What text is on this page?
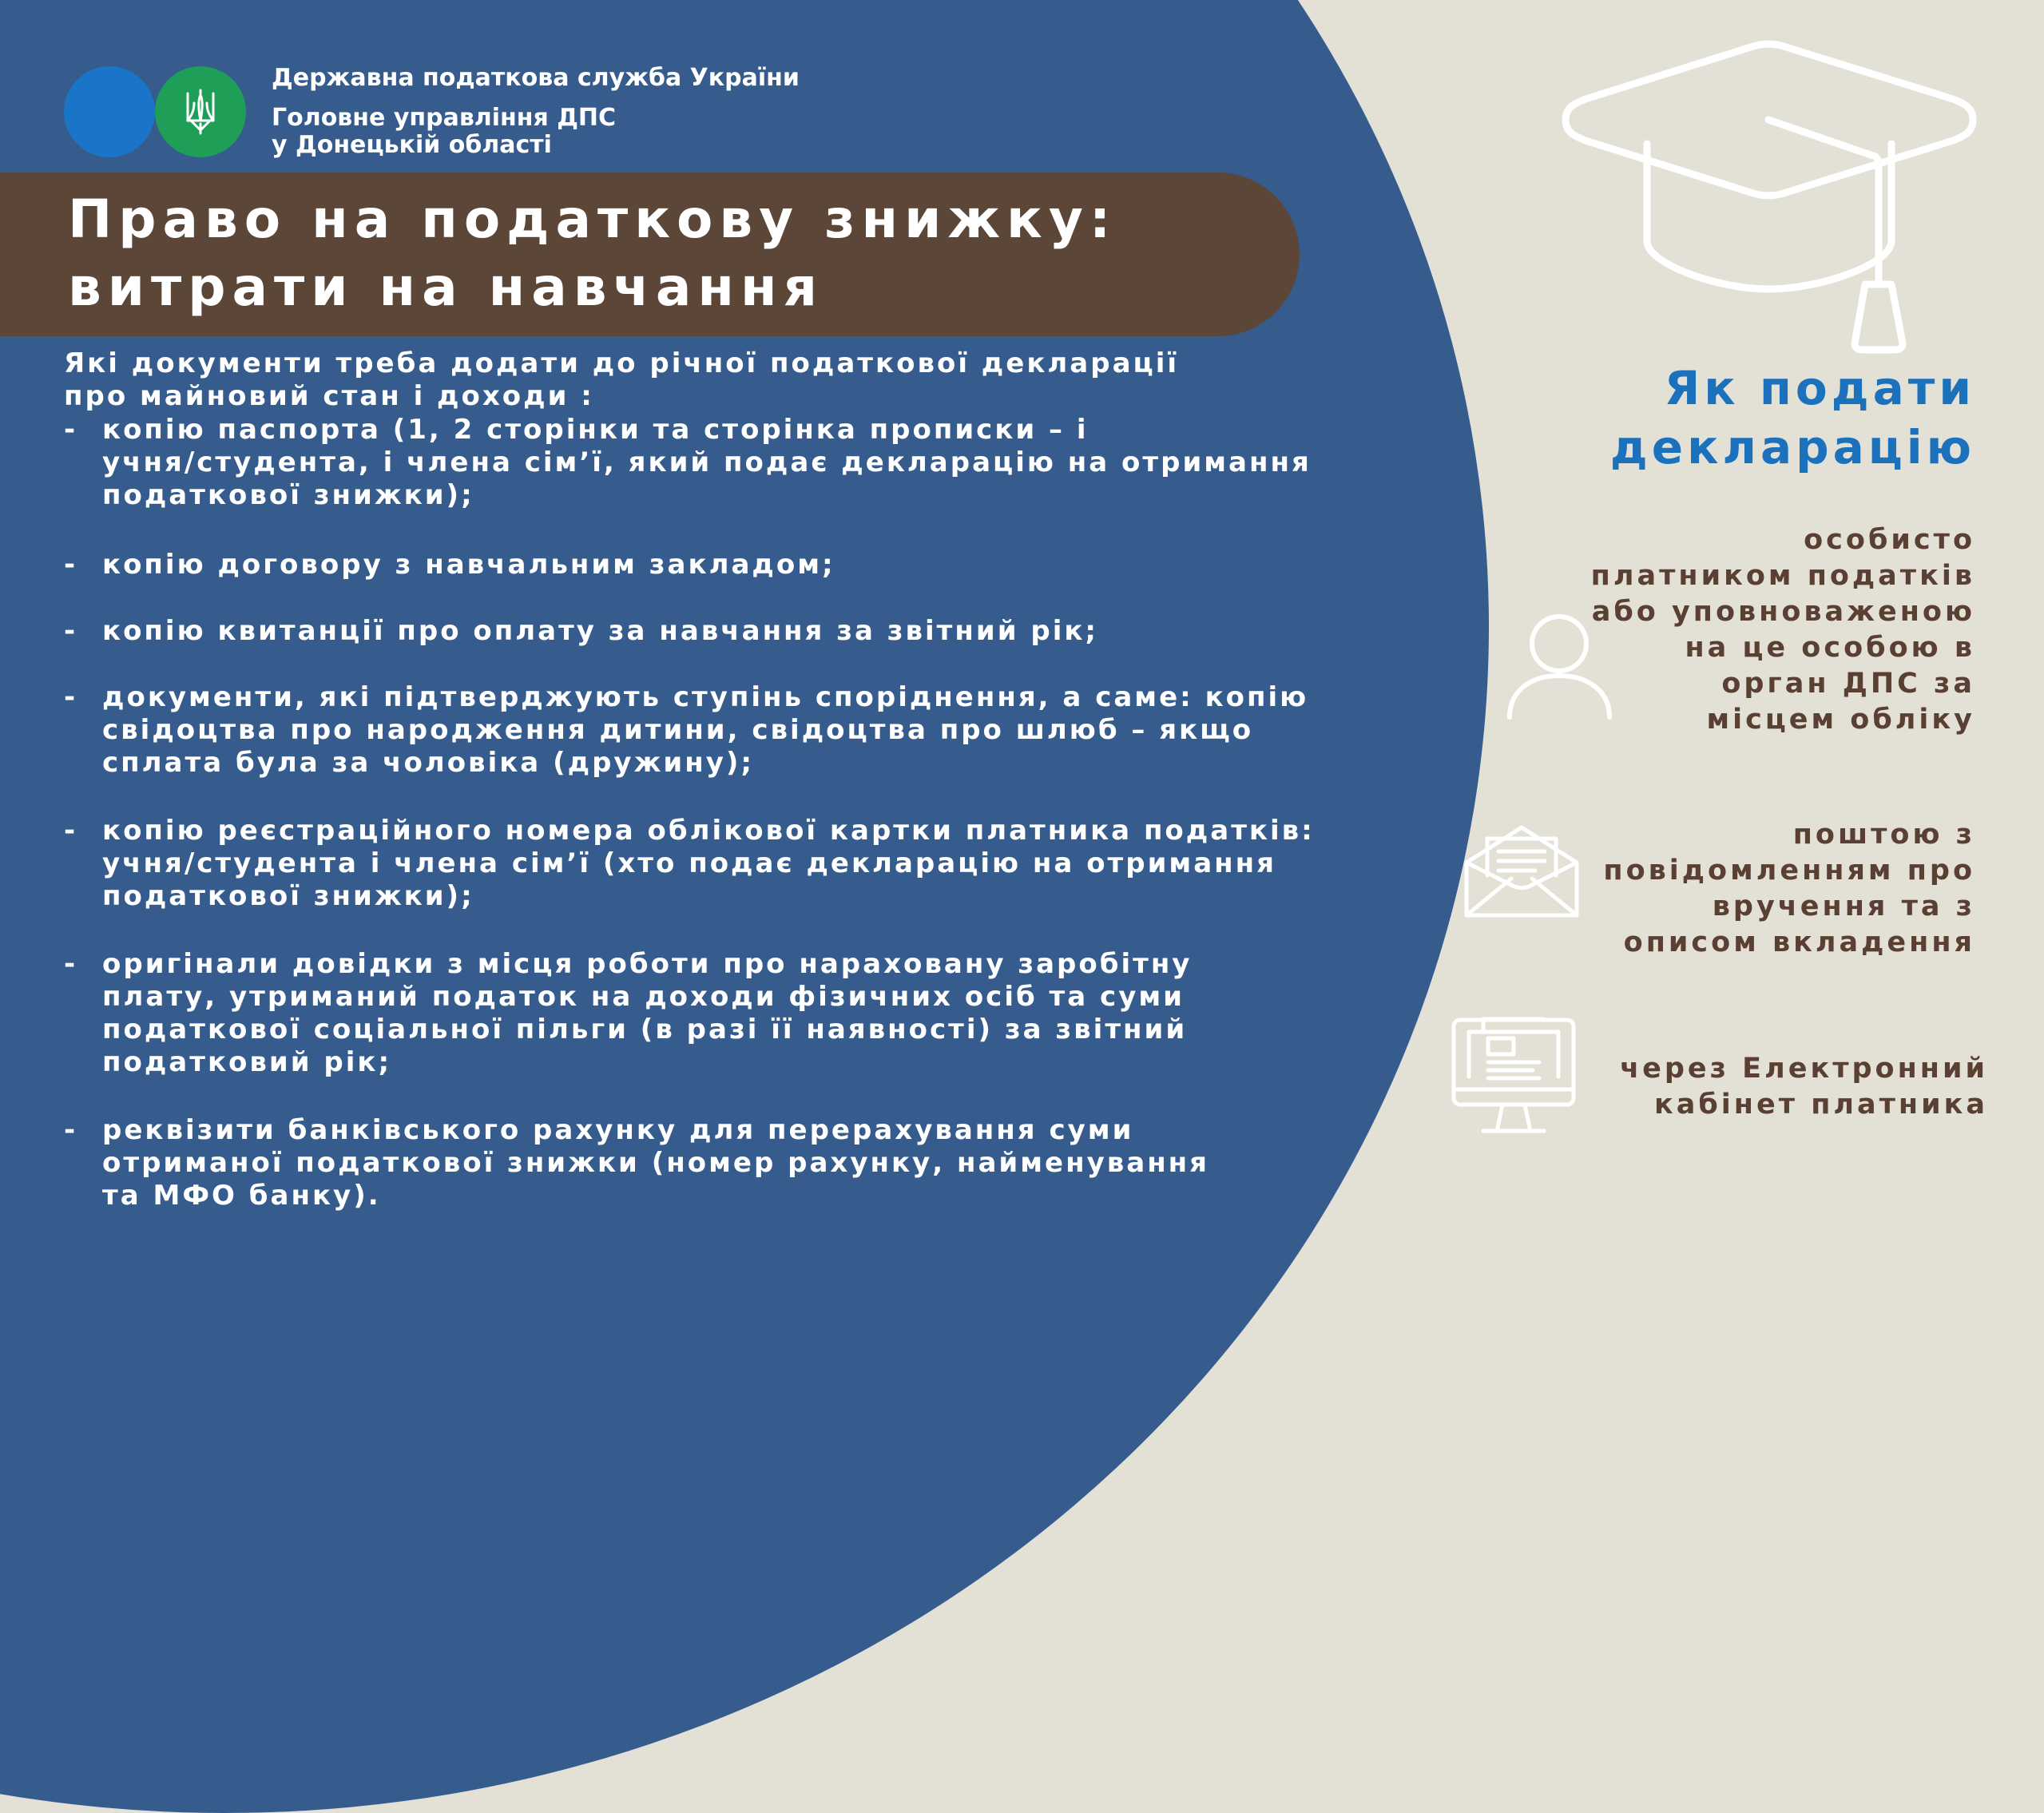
Державна податкова служба України
Головне управління ДПС
у Донецькій області
Право на податкову знижку:
витрати на навчання
Які документи треба додати до річної податкової декларації
про майновий стан і доходи :
- копію паспорта (1, 2 сторінки та сторінка прописки – і
учня/студента, і члена сім’ї, який подає декларацію на отримання
податкової знижки);
- копію договору з навчальним закладом;
- копію квитанції про оплату за навчання за звітний рік;
- документи, які підтверджують ступінь споріднення, а саме: копію
свідоцтва про народження дитини, свідоцтва про шлюб – якщо
сплата була за чоловіка (дружину);
- копію реєстраційного номера облікової картки платника податків:
учня/студента і члена сім’ї (хто подає декларацію на отримання
податкової знижки);
- оригінали довідки з місця роботи про нараховану заробітну
плату, утриманий податок на доходи фізичних осіб та суми
податкової соціальної пільги (в разі її наявності) за звітний
податковий рік;
- реквізити банківського рахунку для перерахування суми
отриманої податкової знижки (номер рахунку, найменування
та МФО банку).
Як подати
декларацію
особисто
платником податків
або уповноваженою
на це особою в
орган ДПС за
місцем обліку
поштою з
повідомленням про
вручення та з
описом вкладення
через Електронний
кабінет платника
